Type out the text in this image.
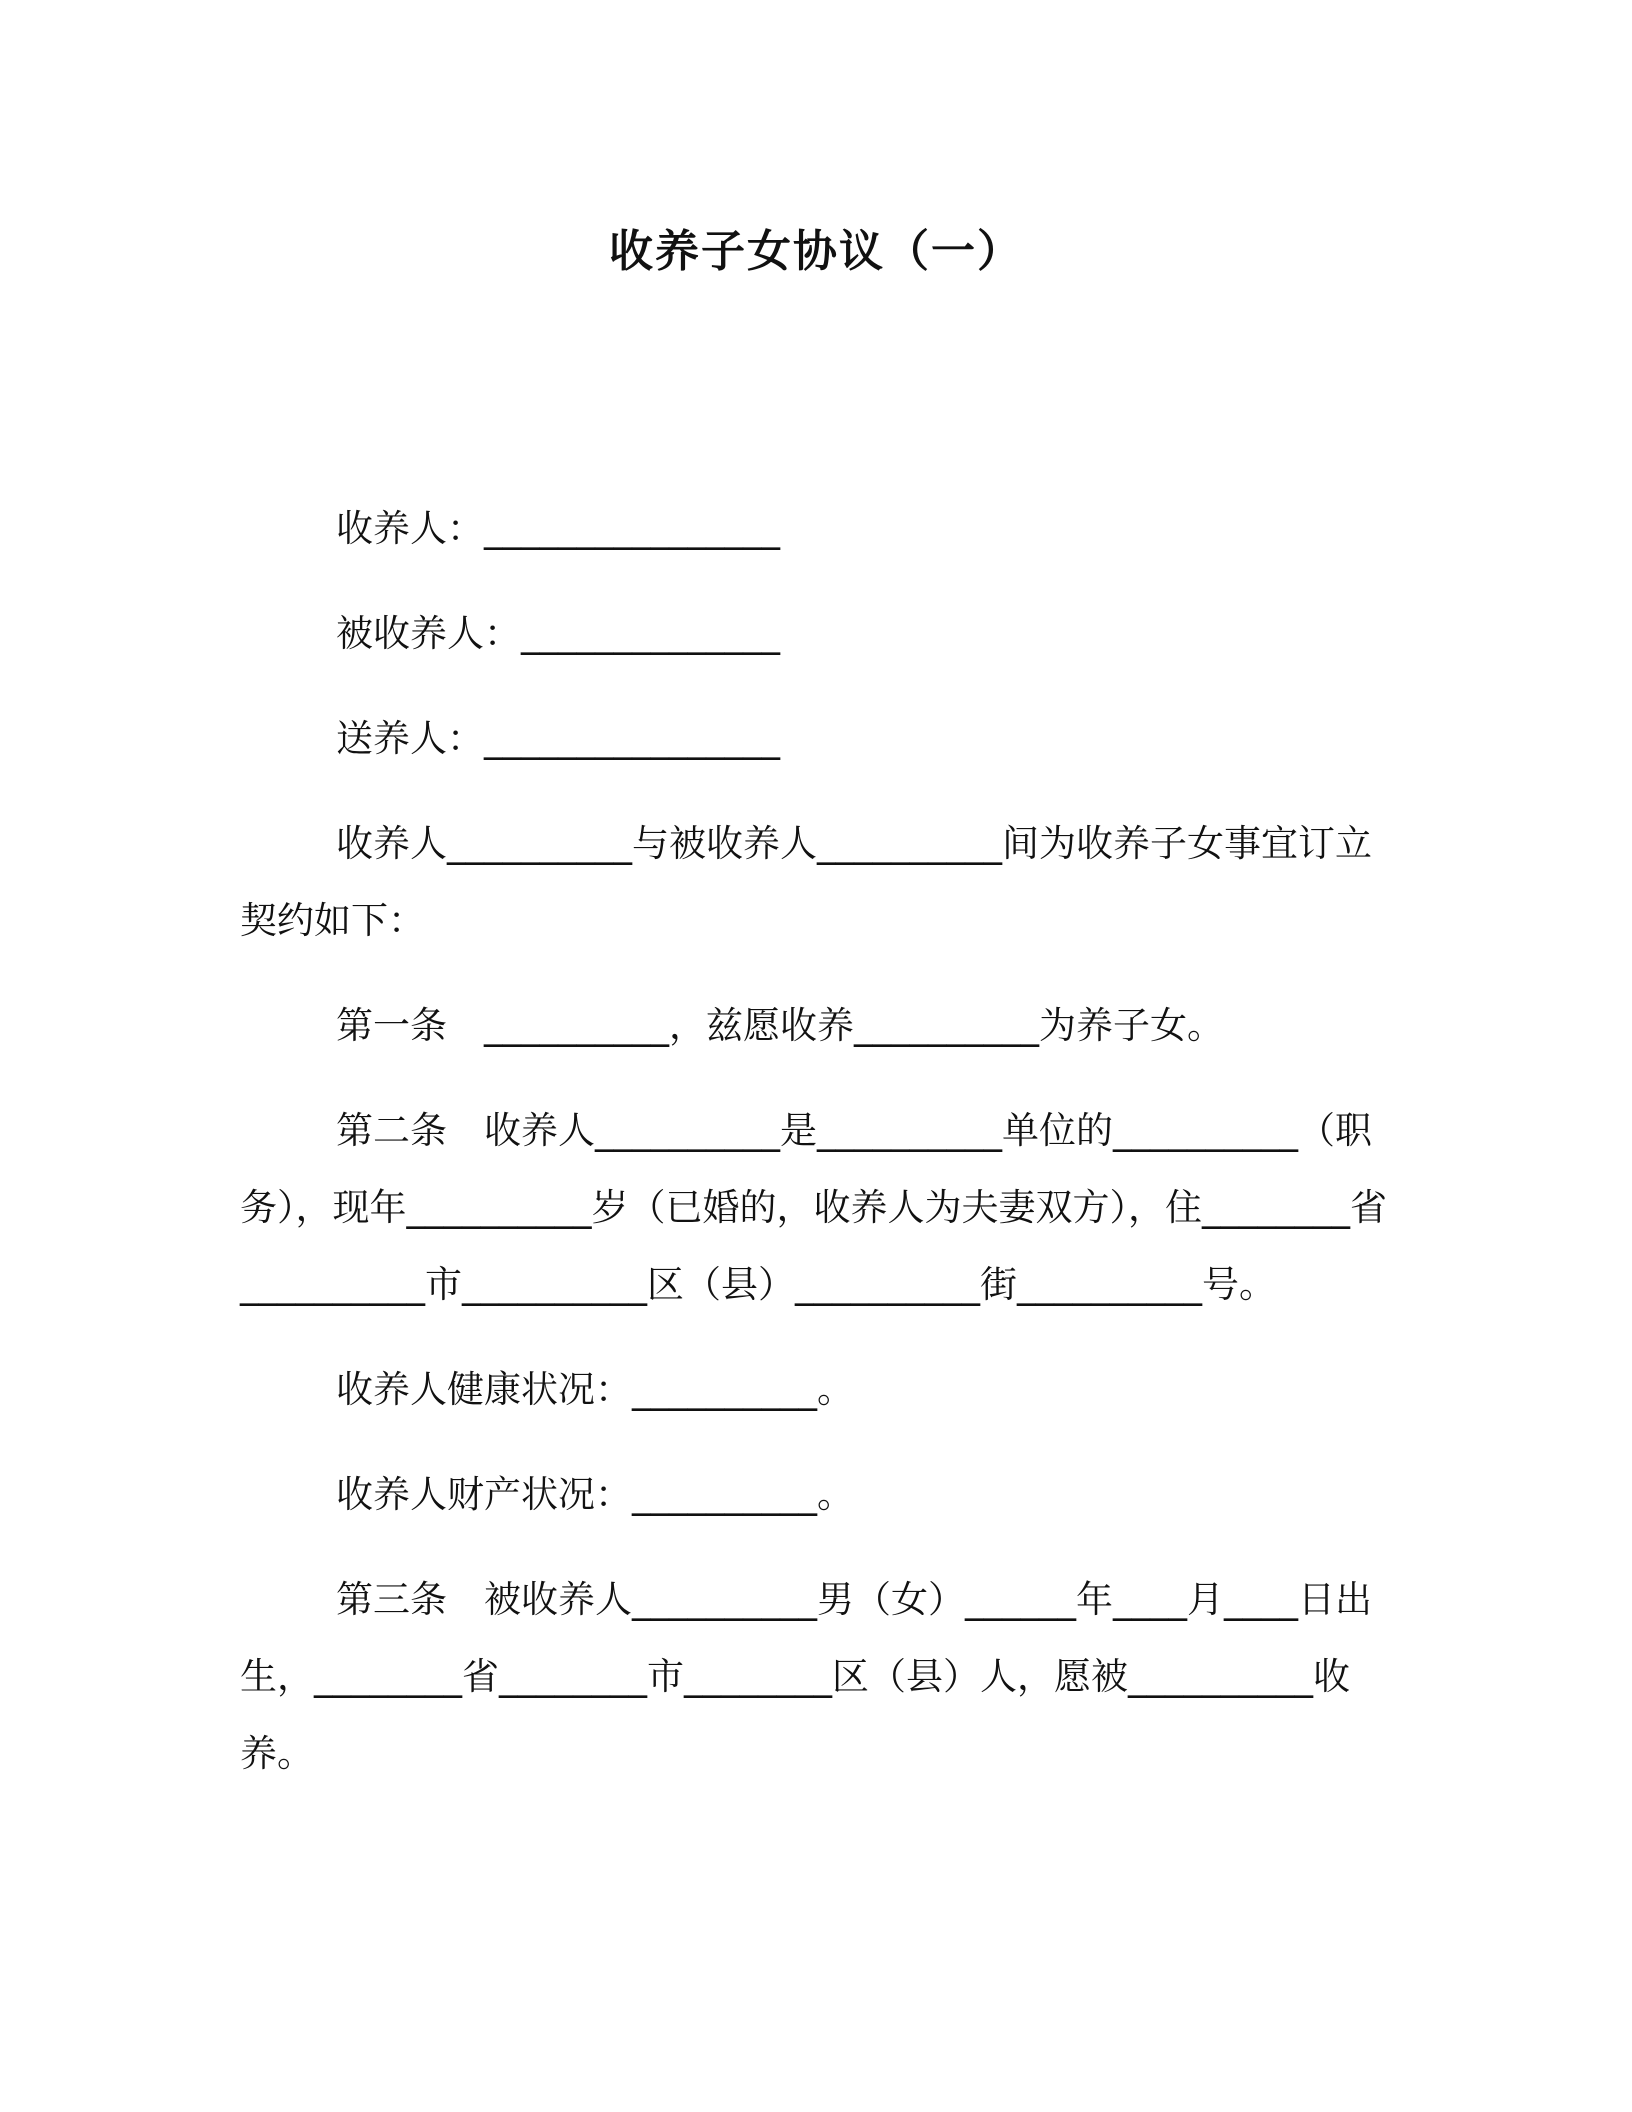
收养子女协议（一）

收养人：________________

被收养人：______________

送养人：________________

收养人__________与被收养人__________间为收养子女事宜订立契约如下：

第一条　__________，兹愿收养__________为养子女。

第二条　收养人__________是__________单位的__________（职务），现年__________岁（已婚的，收养人为夫妻双方），住________省__________市__________区（县）__________街__________号。

收养人健康状况：__________。

收养人财产状况：__________。

第三条　被收养人__________男（女）______年____月____日出生，________省________市________区（县）人，愿被__________收养。
